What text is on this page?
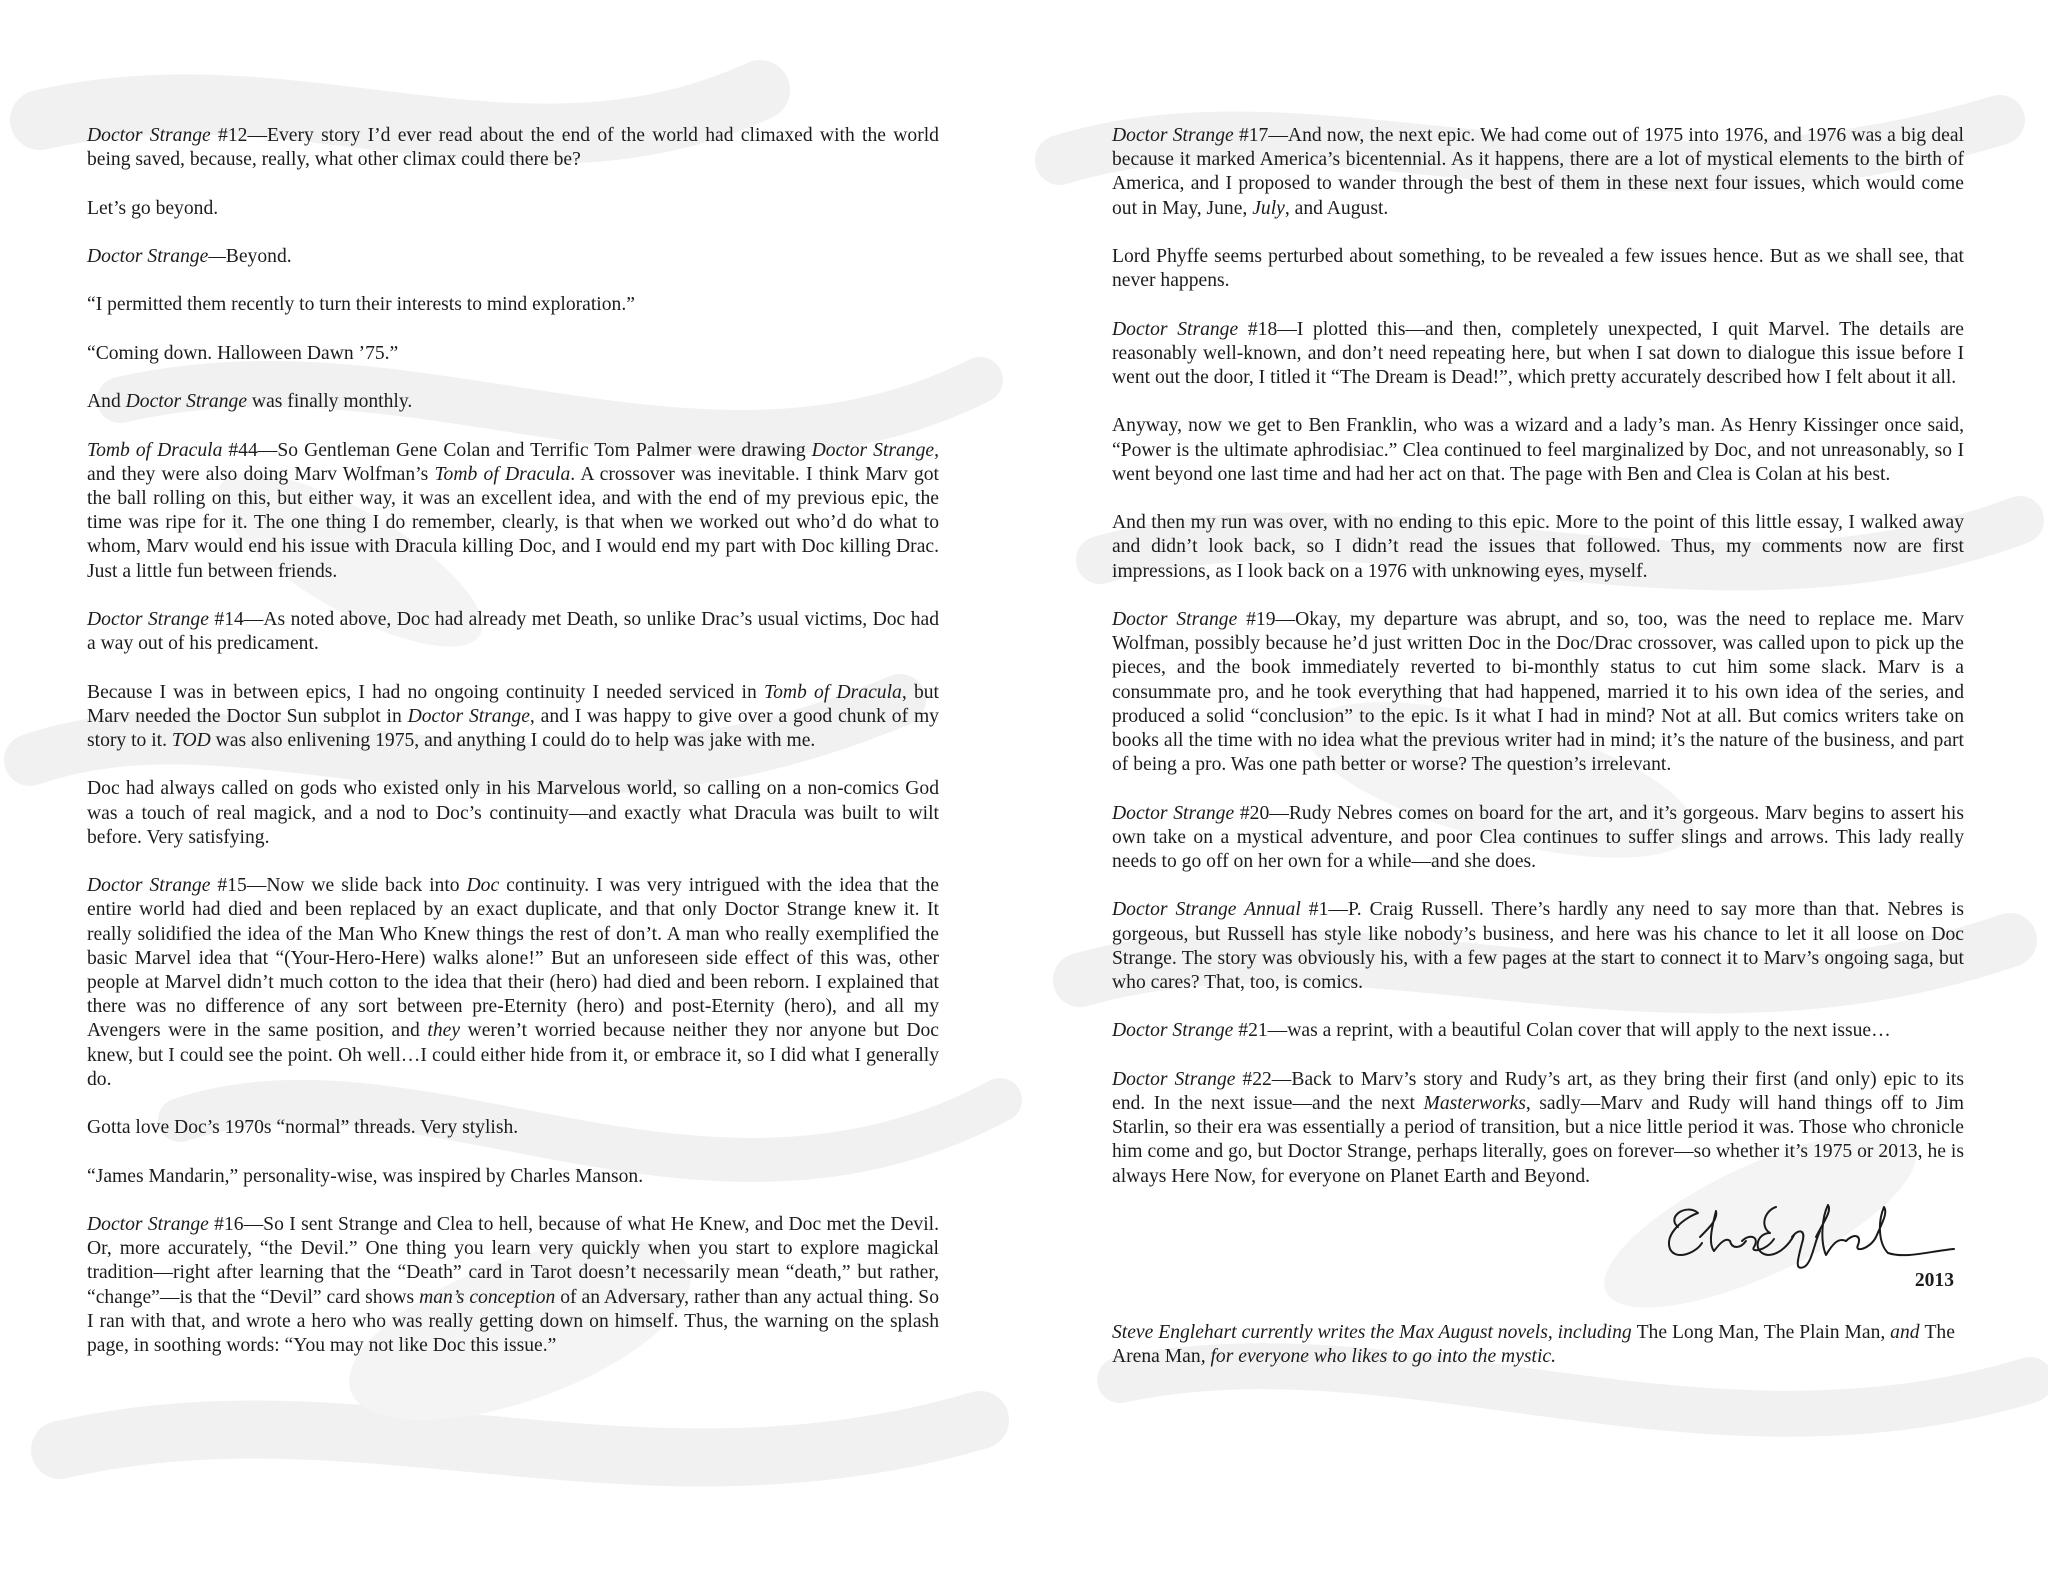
Doctor Strange #12—Every story I’d ever read about the end of the world had climaxed with the world being saved, because, really, what other climax could there be?

Let’s go beyond.

Doctor Strange—Beyond.

“I permitted them recently to turn their interests to mind exploration.”

“Coming down. Halloween Dawn ’75.”

And Doctor Strange was finally monthly.

Tomb of Dracula #44—So Gentleman Gene Colan and Terrific Tom Palmer were drawing Doctor Strange, and they were also doing Marv Wolfman’s Tomb of Dracula. A crossover was inevitable. I think Marv got the ball rolling on this, but either way, it was an excellent idea, and with the end of my previous epic, the time was ripe for it. The one thing I do remember, clearly, is that when we worked out who’d do what to whom, Marv would end his issue with Dracula killing Doc, and I would end my part with Doc killing Drac. Just a little fun between friends.

Doctor Strange #14—As noted above, Doc had already met Death, so unlike Drac’s usual victims, Doc had a way out of his predicament.

Because I was in between epics, I had no ongoing continuity I needed serviced in Tomb of Dracula, but Marv needed the Doctor Sun subplot in Doctor Strange, and I was happy to give over a good chunk of my story to it. TOD was also enlivening 1975, and anything I could do to help was jake with me.

Doc had always called on gods who existed only in his Marvelous world, so calling on a non-comics God was a touch of real magick, and a nod to Doc’s continuity—and exactly what Dracula was built to wilt before. Very satisfying.

Doctor Strange #15—Now we slide back into Doc continuity. I was very intrigued with the idea that the entire world had died and been replaced by an exact duplicate, and that only Doctor Strange knew it. It really solidified the idea of the Man Who Knew things the rest of don’t. A man who really exemplified the basic Marvel idea that “(Your-Hero-Here) walks alone!” But an unforeseen side effect of this was, other people at Marvel didn’t much cotton to the idea that their (hero) had died and been reborn. I explained that there was no difference of any sort between pre-Eternity (hero) and post-Eternity (hero), and all my Avengers were in the same position, and they weren’t worried because neither they nor anyone but Doc knew, but I could see the point. Oh well…I could either hide from it, or embrace it, so I did what I generally do.

Gotta love Doc’s 1970s “normal” threads. Very stylish.

“James Mandarin,” personality-wise, was inspired by Charles Manson.

Doctor Strange #16—So I sent Strange and Clea to hell, because of what He Knew, and Doc met the Devil. Or, more accurately, “the Devil.” One thing you learn very quickly when you start to explore magickal tradition—right after learning that the “Death” card in Tarot doesn’t necessarily mean “death,” but rather, “change”—is that the “Devil” card shows man’s conception of an Adversary, rather than any actual thing. So I ran with that, and wrote a hero who was really getting down on himself. Thus, the warning on the splash page, in soothing words: “You may not like Doc this issue.”

Doctor Strange #17—And now, the next epic. We had come out of 1975 into 1976, and 1976 was a big deal because it marked America’s bicentennial. As it happens, there are a lot of mystical elements to the birth of America, and I proposed to wander through the best of them in these next four issues, which would come out in May, June, July, and August.

Lord Phyffe seems perturbed about something, to be revealed a few issues hence. But as we shall see, that never happens.

Doctor Strange #18—I plotted this—and then, completely unexpected, I quit Marvel. The details are reasonably well-known, and don’t need repeating here, but when I sat down to dialogue this issue before I went out the door, I titled it “The Dream is Dead!”, which pretty accurately described how I felt about it all.

Anyway, now we get to Ben Franklin, who was a wizard and a lady’s man. As Henry Kissinger once said, “Power is the ultimate aphrodisiac.” Clea continued to feel marginalized by Doc, and not unreasonably, so I went beyond one last time and had her act on that. The page with Ben and Clea is Colan at his best.

And then my run was over, with no ending to this epic. More to the point of this little essay, I walked away and didn’t look back, so I didn’t read the issues that followed. Thus, my comments now are first impressions, as I look back on a 1976 with unknowing eyes, myself.

Doctor Strange #19—Okay, my departure was abrupt, and so, too, was the need to replace me. Marv Wolfman, possibly because he’d just written Doc in the Doc/Drac crossover, was called upon to pick up the pieces, and the book immediately reverted to bi-monthly status to cut him some slack. Marv is a consummate pro, and he took everything that had happened, married it to his own idea of the series, and produced a solid “conclusion” to the epic. Is it what I had in mind? Not at all. But comics writers take on books all the time with no idea what the previous writer had in mind; it’s the nature of the business, and part of being a pro. Was one path better or worse? The question’s irrelevant.

Doctor Strange #20—Rudy Nebres comes on board for the art, and it’s gorgeous. Marv begins to assert his own take on a mystical adventure, and poor Clea continues to suffer slings and arrows. This lady really needs to go off on her own for a while—and she does.

Doctor Strange Annual #1—P. Craig Russell. There’s hardly any need to say more than that. Nebres is gorgeous, but Russell has style like nobody’s business, and here was his chance to let it all loose on Doc Strange. The story was obviously his, with a few pages at the start to connect it to Marv’s ongoing saga, but who cares? That, too, is comics.

Doctor Strange #21—was a reprint, with a beautiful Colan cover that will apply to the next issue…

Doctor Strange #22—Back to Marv’s story and Rudy’s art, as they bring their first (and only) epic to its end. In the next issue—and the next Masterworks, sadly—Marv and Rudy will hand things off to Jim Starlin, so their era was essentially a period of transition, but a nice little period it was. Those who chronicle him come and go, but Doctor Strange, perhaps literally, goes on forever—so whether it’s 1975 or 2013, he is always Here Now, for everyone on Planet Earth and Beyond.

2013

Steve Englehart currently writes the Max August novels, including The Long Man, The Plain Man, and The Arena Man, for everyone who likes to go into the mystic.
